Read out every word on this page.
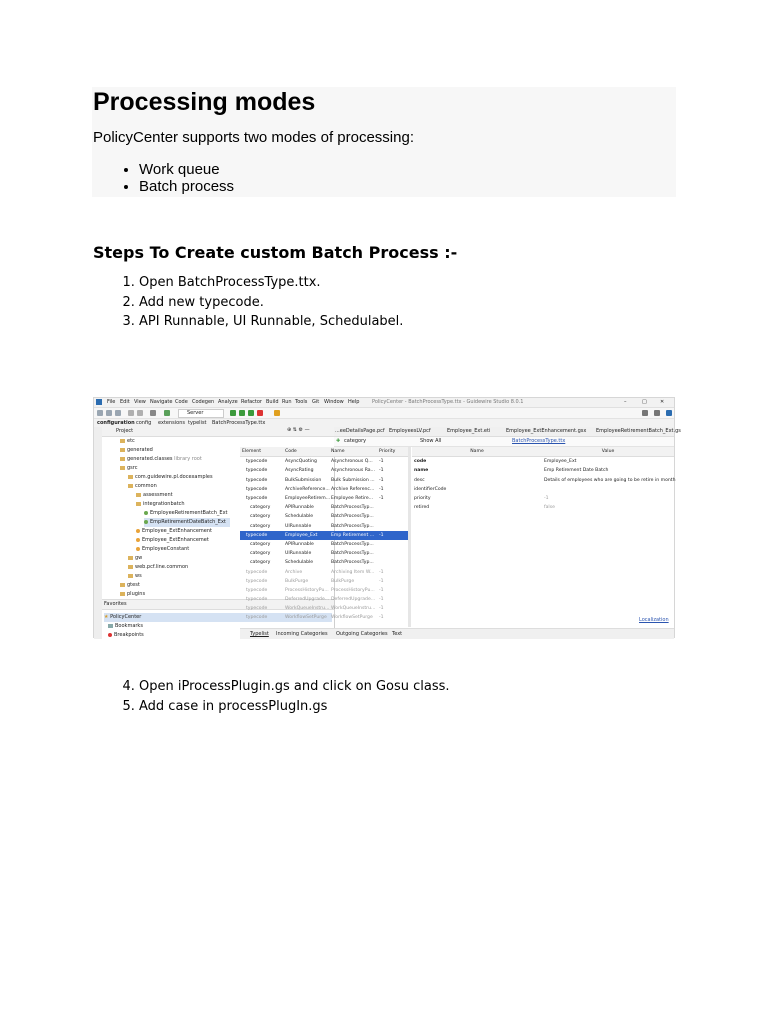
Processing modes

PolicyCenter supports two modes of processing:

• Work queue
• Batch process
Steps To Create custom Batch Process :-
1. Open BatchProcessType.ttx.
2. Add new typecode.
3. API Runnable, UI Runnable, Schedulabel.
File Edit View Navigate Code Codegen Analyze Refactor Build Run Tools Git Window Help	PolicyCenter - BatchProcessType.ttx - Guidewire Studio 8.0.1	–	□	✕
Server
configuration config extensions typelist BatchProcessType.ttx
Project	⊕ ⇅ ⚙ —
etc
generated
generated.classes library root
gsrc
com.guidewire.pl.docexamples
common
assessment
integrationbatch
EmployeeRetirementBatch_Ext
EmpRetirementDateBatch_Ext
Employee_ExtEnhancement
Employee_ExtEnhancemet
EmployeeConstant
gw
web.pcf.line.common
ws
gtest
plugins
Favorites
★ PolicyCenter
Bookmarks
Breakpoints
...eeDetailsPage.pcf EmployeesLV.pcf	Employee_Ext.eti	Employee_ExtEnhancement.gsx EmployeeRetirementBatch_Ext.gs
✚ category	Show All	BatchProcessType.ttx
Element	Code	Name	Priority
typecode	AsyncQuoting	Asynchronous Q...	-1
typecode	AsyncRating	Asynchronous Ra...	-1
typecode	BulkSubmission	Bulk Submission ...	-1
typecode	ArchiveReference...	Archive Referenc...	-1
typecode	EmployeeRetirem...	Employee Retire...	-1
category	APIRunnable	BatchProcessTyp...	
category	Schedulable	BatchProcessTyp...	
category	UIRunnable	BatchProcessTyp...	
typecode	Employee_Ext	Emp Retirement ...	-1
category	APIRunnable	BatchProcessTyp...	
category	UIRunnable	BatchProcessTyp...	
category	Schedulable	BatchProcessTyp...	
typecode	Archive	Archiving Item W...	-1
typecode	BulkPurge	BulkPurge	-1
typecode	ProcessHistoryPu...	ProcessHistoryPu...	-1
typecode	DeferredUpgrade...	DeferredUpgrade...	-1
typecode	WorkQueueInstru...	WorkQueueInstru...	-1
typecode	WorkflowSetPurge	WorkflowSetPurge	-1
Name	Value
code	Employee_Ext
name	Emp Retirement Date Batch
desc	Details of employees who are going to be retire in month
identifierCode	
priority	-1
retired	false
Localization
Typelist Incoming Categories Outgoing Categories Text
4. Open iProcessPlugin.gs and click on Gosu class.
5. Add case in processPlugIn.gs
